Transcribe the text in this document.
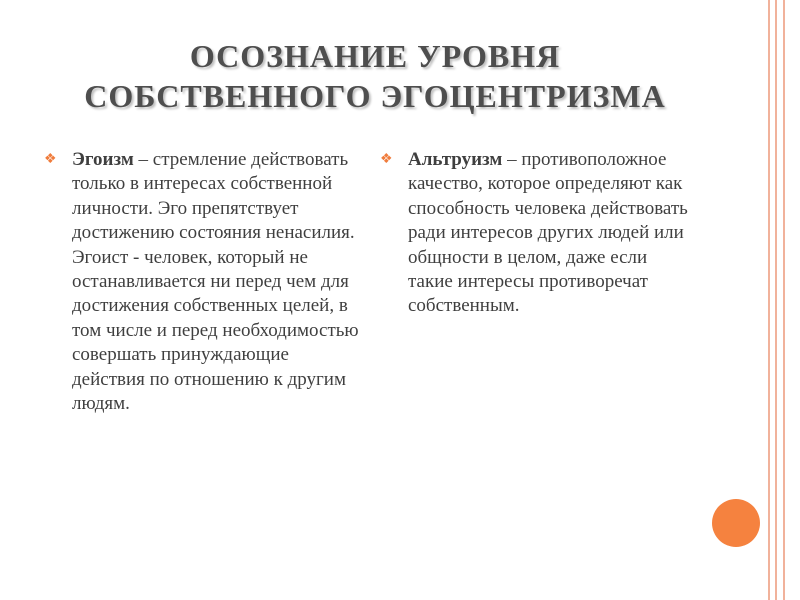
ОСОЗНАНИЕ УРОВНЯ
СОБСТВЕННОГО ЭГОЦЕНТРИЗМА
❖ Эгоизм – стремление действовать только в интересах собственной личности. Эго препятствует достижению состояния ненасилия. Эгоист - человек, который не останавливается ни перед чем для достижения собственных целей, в том числе и перед необходимостью совершать принуждающие действия по отношению к другим людям.
❖ Альтруизм – противоположное качество, которое определяют как способность человека действовать ради интересов других людей или общности в целом, даже если такие интересы противоречат собственным.
